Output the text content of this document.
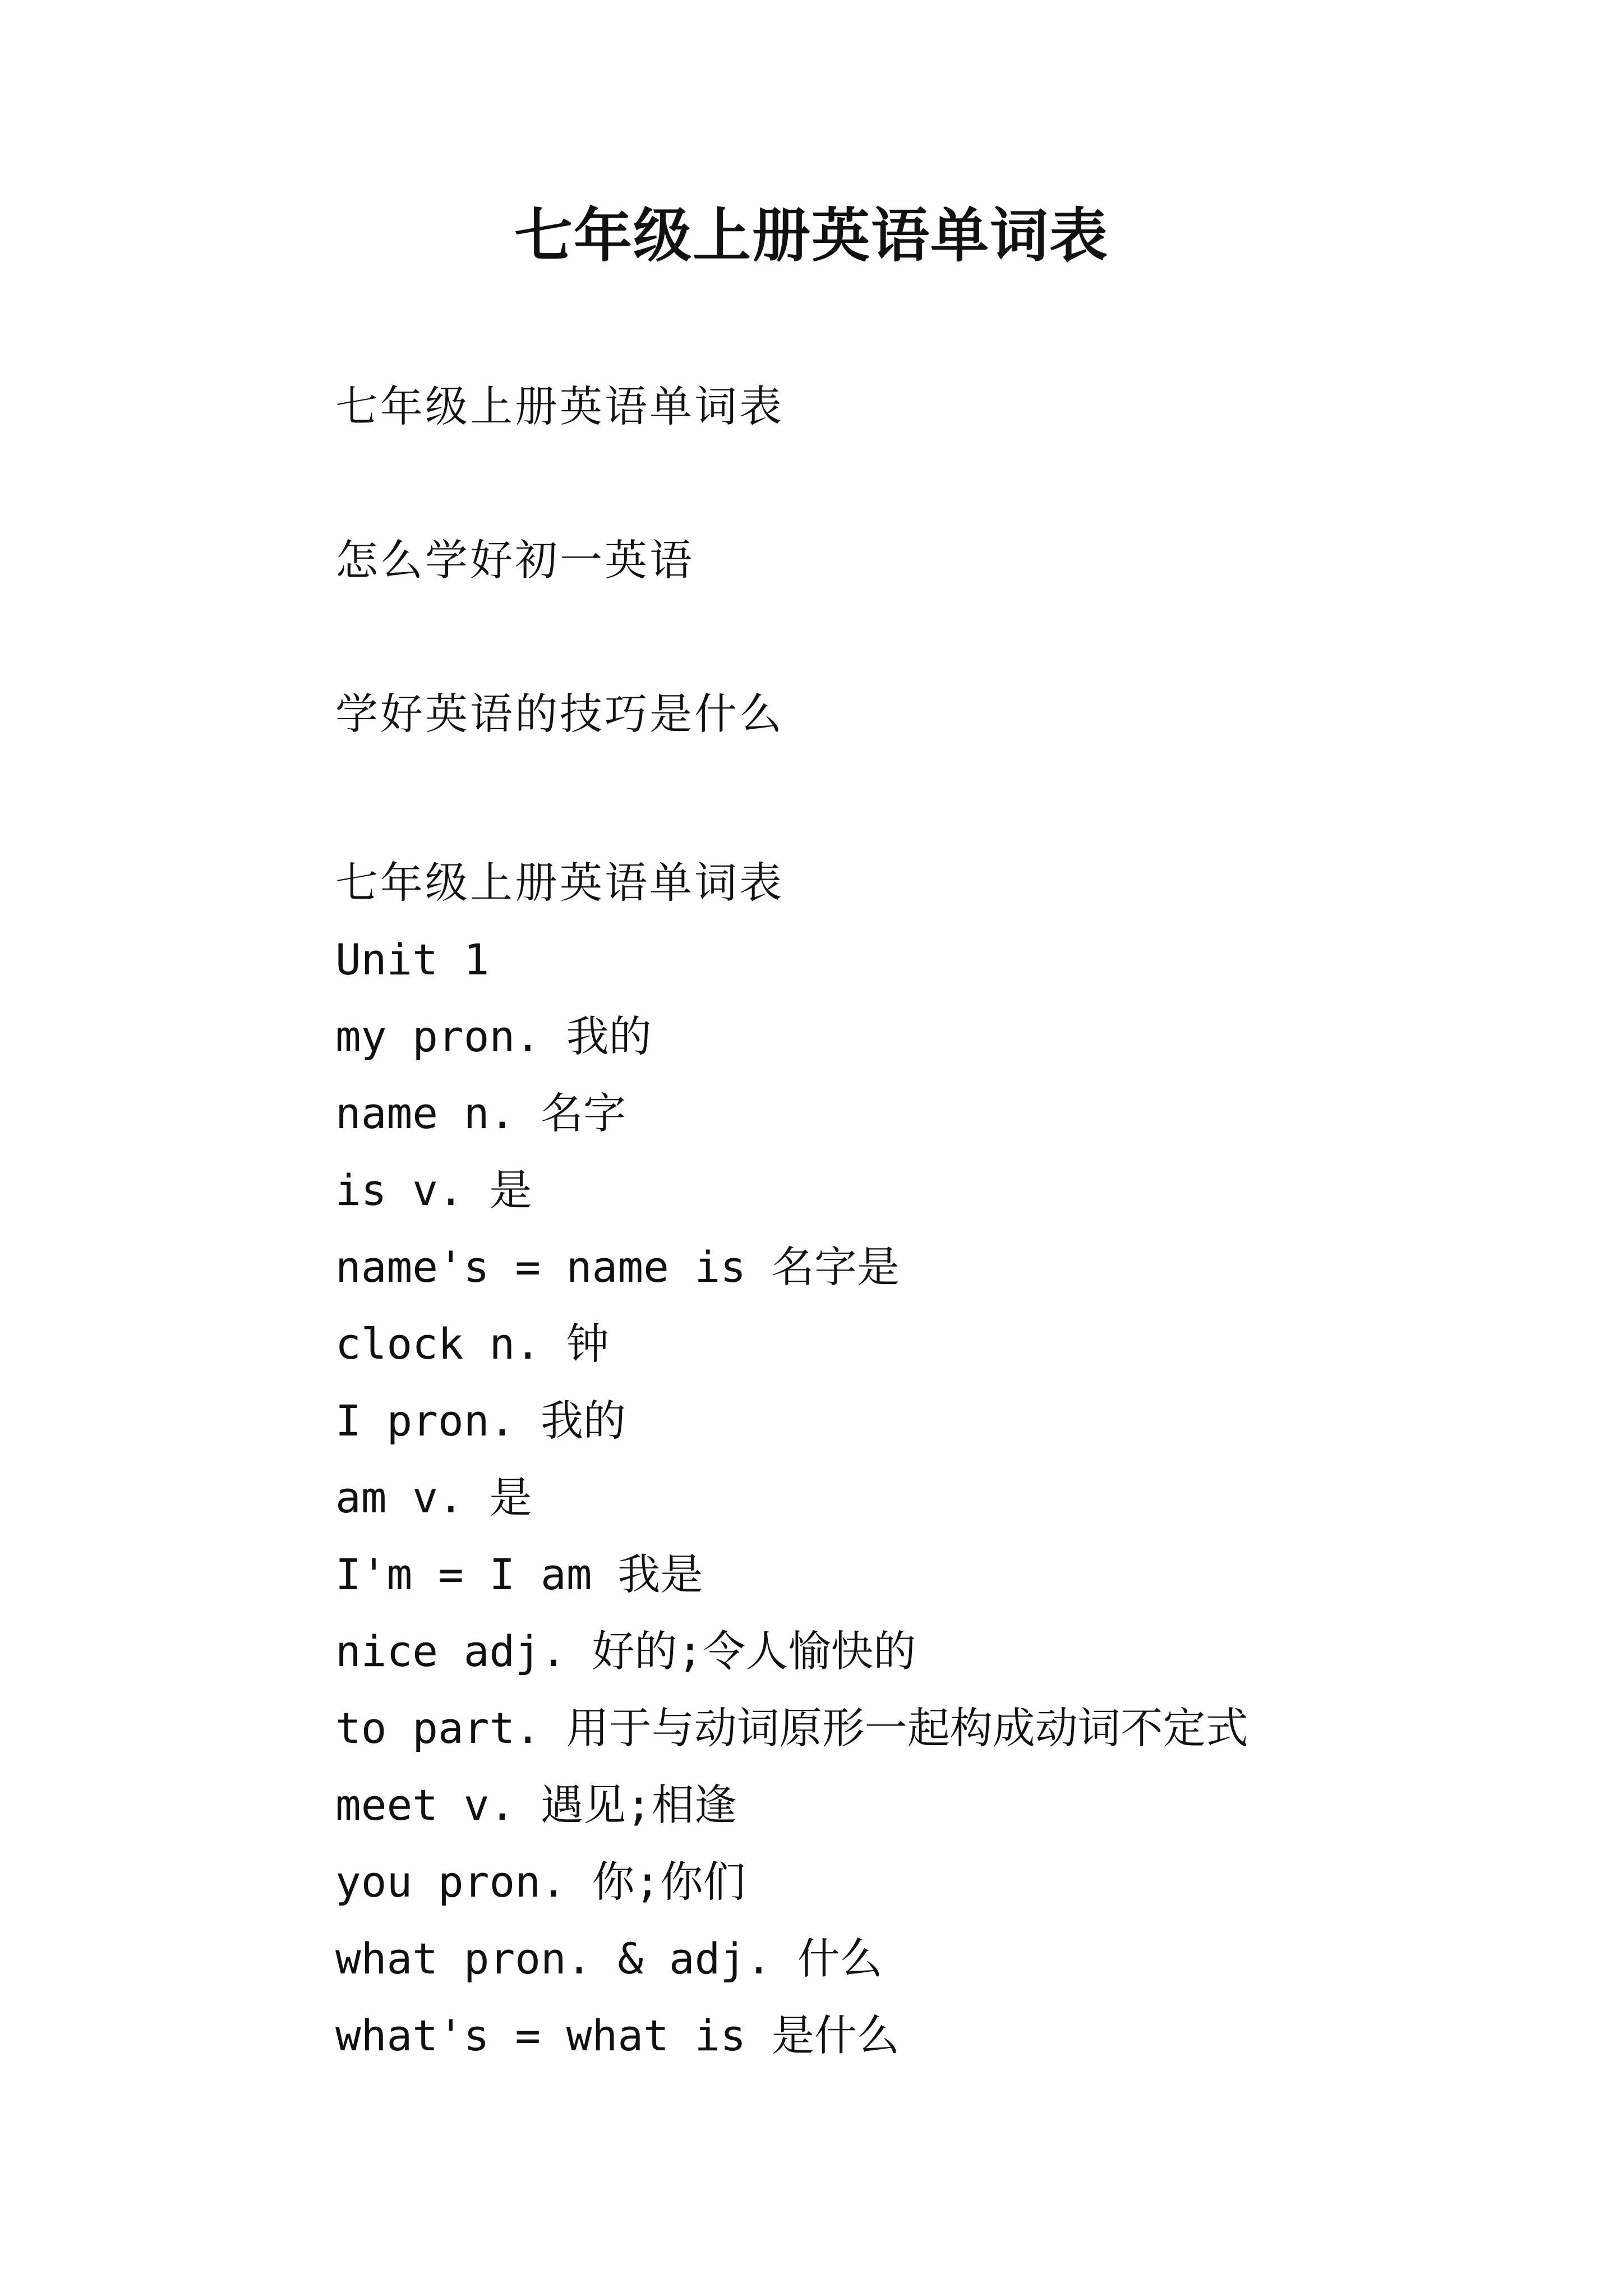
七年级上册英语单词表
七年级上册英语单词表
怎么学好初一英语
学好英语的技巧是什么
七年级上册英语单词表
Unit 1
my pron. 我的
name n. 名字
is v. 是
name's = name is 名字是
clock n. 钟
I pron. 我的
am v. 是
I'm = I am 我是
nice adj. 好的;令人愉快的
to part. 用于与动词原形一起构成动词不定式
meet v. 遇见;相逢
you pron. 你;你们
what pron. & adj. 什么
what's = what is 是什么
